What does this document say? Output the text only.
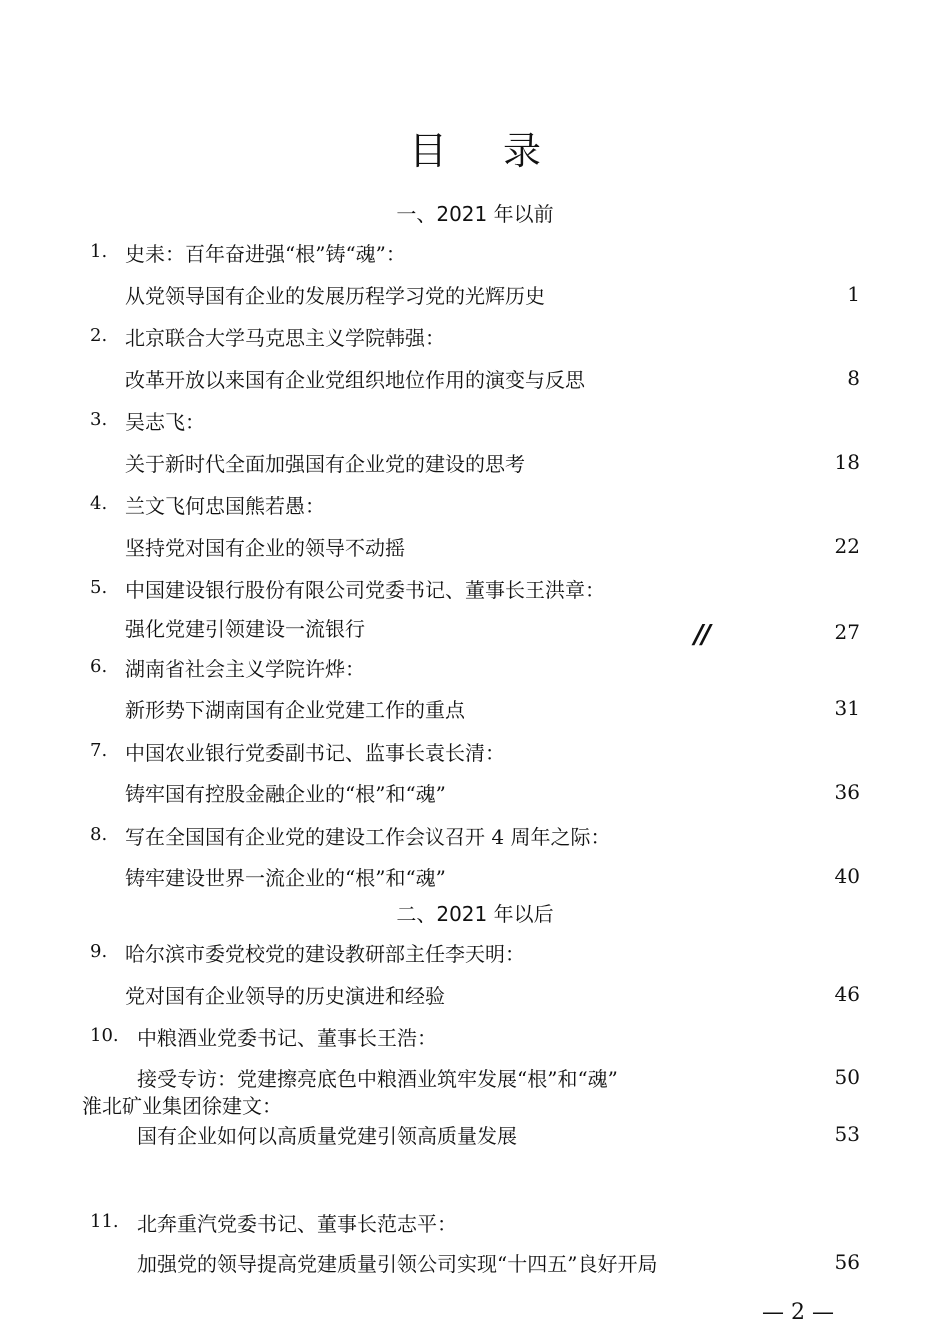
目 录
一、2021 年以前
1. 史耒：百年奋进强“根”铸“魂”：
从党领导国有企业的发展历程学习党的光辉历史	1
2. 北京联合大学马克思主义学院韩强：
改革开放以来国有企业党组织地位作用的演变与反思	8
3. 吴志飞：
关于新时代全面加强国有企业党的建设的思考	18
4. 兰文飞何忠国熊若愚：
坚持党对国有企业的领导不动摇	22
5. 中国建设银行股份有限公司党委书记、董事长王洪章：
强化党建引领建设一流银行	27
//
6. 湖南省社会主义学院许烨：
新形势下湖南国有企业党建工作的重点	31
7. 中国农业银行党委副书记、监事长袁长清：
铸牢国有控股金融企业的“根”和“魂”	36
8. 写在全国国有企业党的建设工作会议召开 4 周年之际：
铸牢建设世界一流企业的“根”和“魂”	40
二、2021 年以后
9. 哈尔滨市委党校党的建设教研部主任李天明：
党对国有企业领导的历史演进和经验	46
10. 中粮酒业党委书记、董事长王浩：
接受专访：党建擦亮底色中粮酒业筑牢发展“根”和“魂”	50
淮北矿业集团徐建文：
国有企业如何以高质量党建引领高质量发展	53
11. 北奔重汽党委书记、董事长范志平：
加强党的领导提高党建质量引领公司实现“十四五”良好开局	56
— 2 —
